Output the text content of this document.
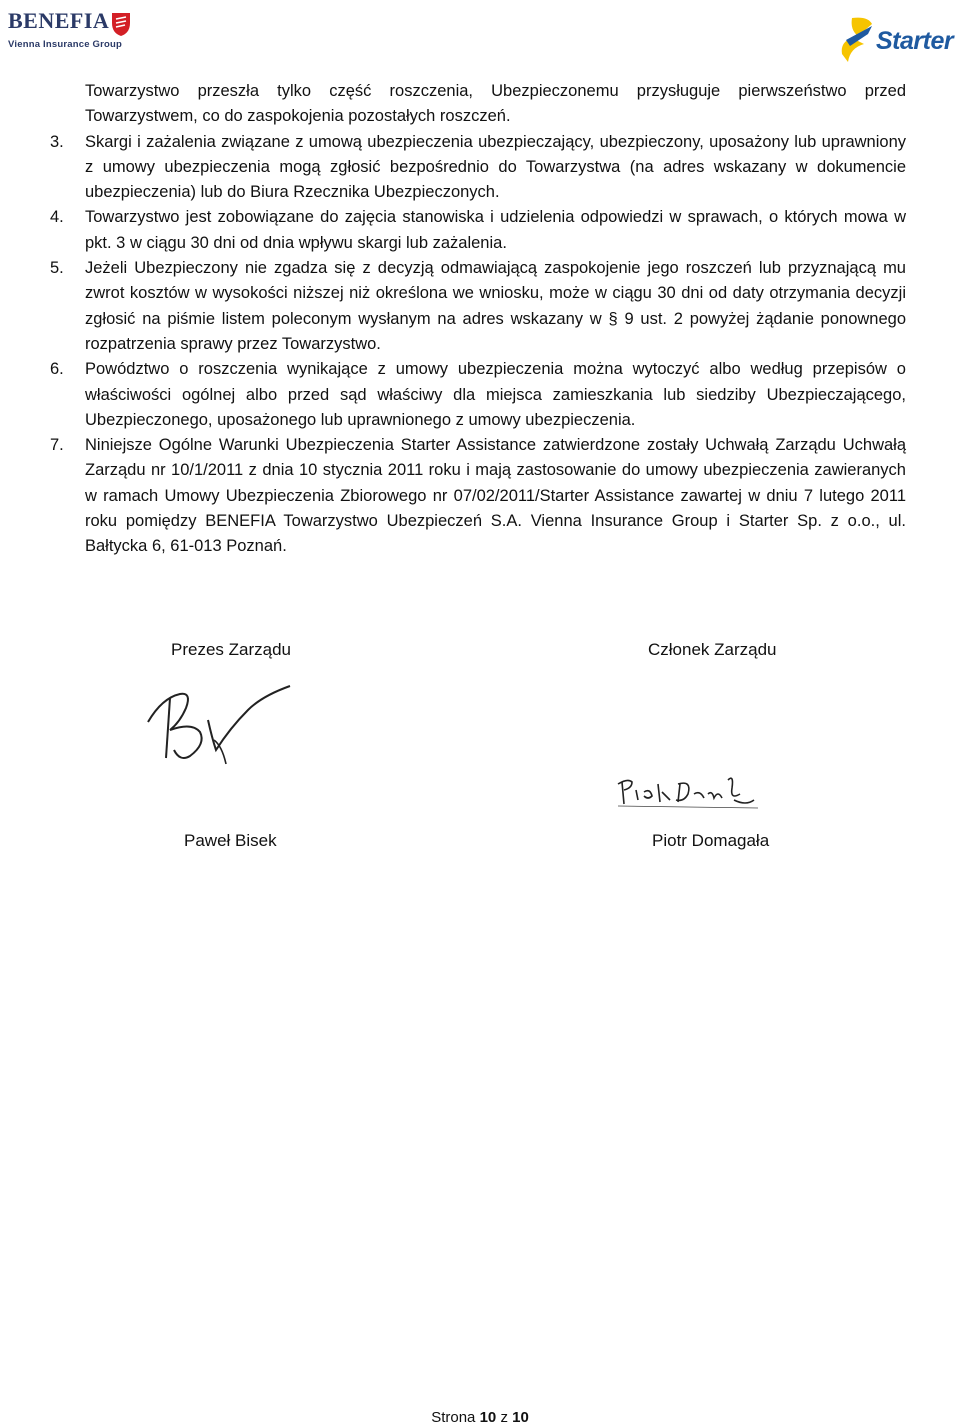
BENEFIA
Vienna Insurance Group	Starter

Towarzystwo przeszła tylko część roszczenia, Ubezpieczonemu przysługuje pierwszeństwo przed Towarzystwem, co do zaspokojenia pozostałych roszczeń.

3. Skargi i zażalenia związane z umową ubezpieczenia ubezpieczający, ubezpieczony, uposażony lub uprawniony z umowy ubezpieczenia mogą zgłosić bezpośrednio do Towarzystwa (na adres wskazany w dokumencie ubezpieczenia) lub do Biura Rzecznika Ubezpieczonych.

4. Towarzystwo jest zobowiązane do zajęcia stanowiska i udzielenia odpowiedzi w sprawach, o których mowa w pkt. 3 w ciągu 30 dni od dnia wpływu skargi lub zażalenia.

5. Jeżeli Ubezpieczony nie zgadza się z decyzją odmawiającą zaspokojenie jego roszczeń lub przyznającą mu zwrot kosztów w wysokości niższej niż określona we wniosku, może w ciągu 30 dni od daty otrzymania decyzji zgłosić na piśmie listem poleconym wysłanym na adres wskazany w § 9 ust. 2 powyżej żądanie ponownego rozpatrzenia sprawy przez Towarzystwo.

6. Powództwo o roszczenia wynikające z umowy ubezpieczenia można wytoczyć albo według przepisów o właściwości ogólnej albo przed sąd właściwy dla miejsca zamieszkania lub siedziby Ubezpieczającego, Ubezpieczonego, uposażonego lub uprawnionego z umowy ubezpieczenia.

7. Niniejsze Ogólne Warunki Ubezpieczenia Starter Assistance zatwierdzone zostały Uchwałą Zarządu Uchwałą Zarządu nr 10/1/2011 z dnia 10 stycznia 2011 roku i mają zastosowanie do umowy ubezpieczenia zawieranych w ramach Umowy Ubezpieczenia Zbiorowego nr 07/02/2011/Starter Assistance zawartej w dniu 7 lutego 2011 roku pomiędzy BENEFIA Towarzystwo Ubezpieczeń S.A. Vienna Insurance Group i Starter Sp. z o.o., ul. Bałtycka 6, 61-013 Poznań.

Prezes Zarządu	Członek Zarządu
Paweł Bisek	Piotr Domagała
Strona 10 z 10
